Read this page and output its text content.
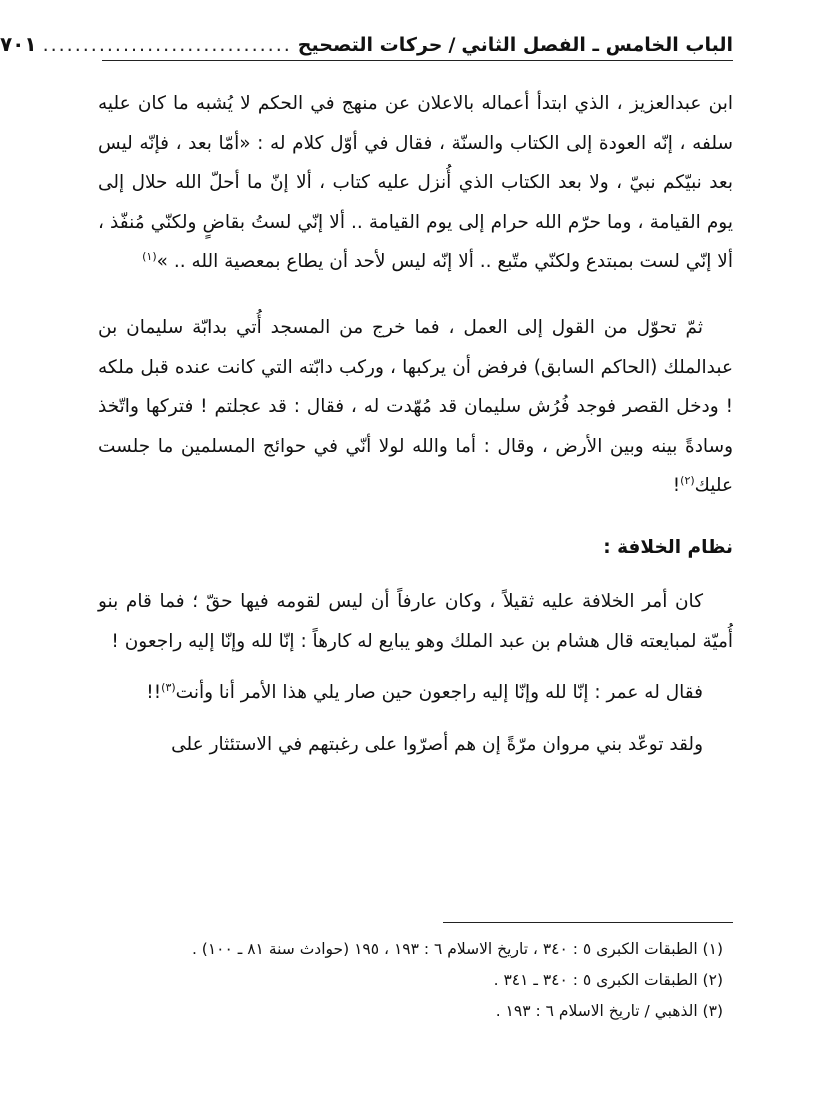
الباب الخامس ـ الفصل الثاني
/
حركات التصحيح
...............................
٧٠١

ابن عبدالعزيز ، الذي ابتدأ أعماله بالاعلان عن منهج في الحكم لا يُشبه ما كان عليه سلفه ، إنّه العودة إلى الكتاب والسنّة ، فقال في أوّل كلام له : «أمّا بعد ، فإنّه ليس بعد نبيّكم نبيّ ، ولا بعد الكتاب الذي أُنزل عليه كتاب ، ألا إنّ ما أحلّ الله حلال إلى يوم القيامة ، وما حرّم الله حرام إلى يوم القيامة .. ألا إنّي لستُ بقاضٍ ولكنّي مُنفّذ ، ألا إنّي لست بمبتدع ولكنّي متّبع .. ألا إنّه ليس لأحد أن يطاع بمعصية الله .. »$^{(١)}$

ثمّ تحوّل من القول إلى العمل ، فما خرج من المسجد أُتي بدابّة سليمان بن عبدالملك (الحاكم السابق) فرفض أن يركبها ، وركب دابّته التي كانت عنده قبل ملكه ! ودخل القصر فوجد فُرُش سليمان قد مُهّدت له ، فقال : قد عجلتم ! فتركها واتّخذ وسادةً بينه وبين الأرض ، وقال : أما والله لولا أنّي في حوائج المسلمين ما جلست عليك$^{(٢)}$!

نظام الخلافة :

كان أمر الخلافة عليه ثقيلاً ، وكان عارفاً أن ليس لقومه فيها حقّ ؛ فما قام بنو أُميّة لمبايعته قال هشام بن عبد الملك وهو يبايع له كارهاً : إنّا لله وإنّا إليه راجعون !

فقال له عمر : إنّا لله وإنّا إليه راجعون حين صار يلي هذا الأمر أنا وأنت$^{(٣)}$!!

ولقد توعّد بني مروان مرّةً إن هم أصرّوا على رغبتهم في الاستئثار على

(١) الطبقات الكبرى ٥ : ٣٤٠ ، تاريخ الاسلام ٦ : ١٩٣ ، ١٩٥ (حوادث سنة ٨١ ـ ١٠٠) .

(٢) الطبقات الكبرى ٥ : ٣٤٠ ـ ٣٤١ .

(٣) الذهبي / تاريخ الاسلام ٦ : ١٩٣ .
